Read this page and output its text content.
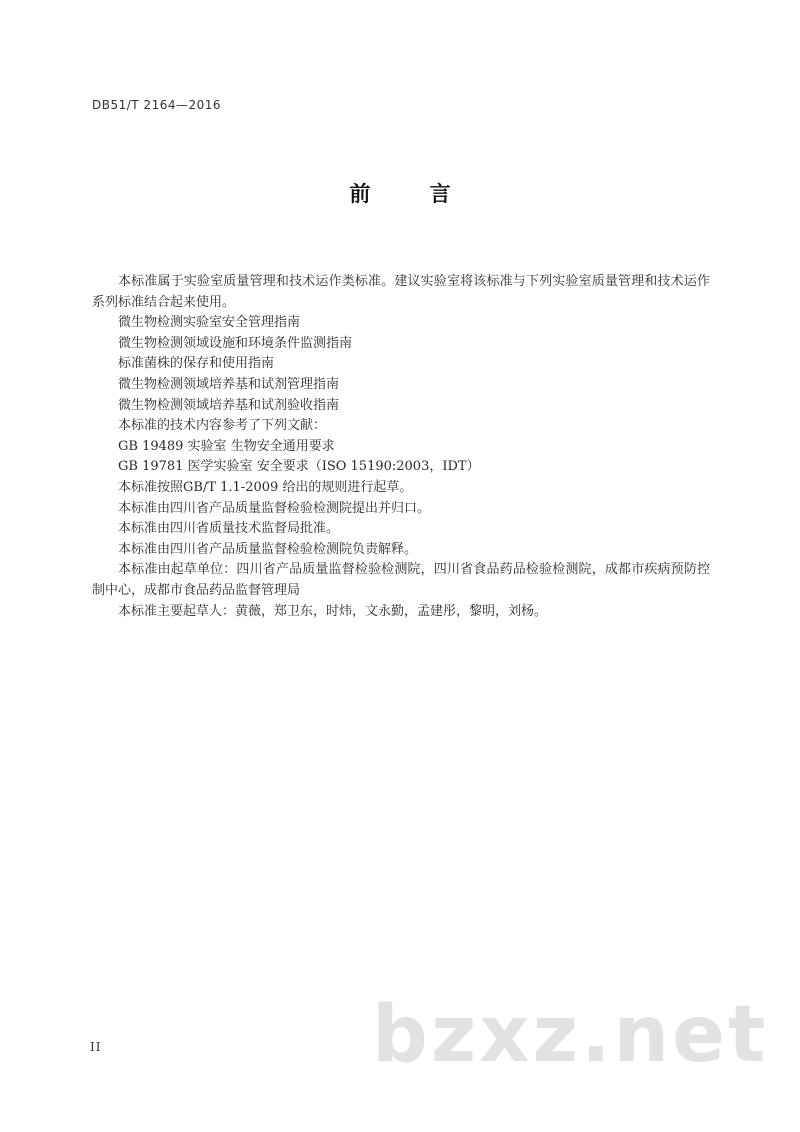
DB51/T 2164—2016
前 言

本标准属于实验室质量管理和技术运作类标准。建议实验室将该标准与下列实验室质量管理和技术运作系列标准结合起来使用。

微生物检测实验室安全管理指南

微生物检测领域设施和环境条件监测指南

标准菌株的保存和使用指南

微生物检测领域培养基和试剂管理指南

微生物检测领域培养基和试剂验收指南

本标准的技术内容参考了下列文献：

GB 19489 实验室 生物安全通用要求

GB 19781 医学实验室 安全要求（ISO 15190:2003，IDT）

本标准按照GB/T 1.1-2009 给出的规则进行起草。

本标准由四川省产品质量监督检验检测院提出并归口。

本标准由四川省质量技术监督局批准。

本标准由四川省产品质量监督检验检测院负责解释。

本标准由起草单位：四川省产品质量监督检验检测院，四川省食品药品检验检测院，成都市疾病预防控制中心，成都市食品药品监督管理局

本标准主要起草人：黄薇，郑卫东，时炜，文永勤，孟建彤，黎明，刘杨。

bzxz.net
II
